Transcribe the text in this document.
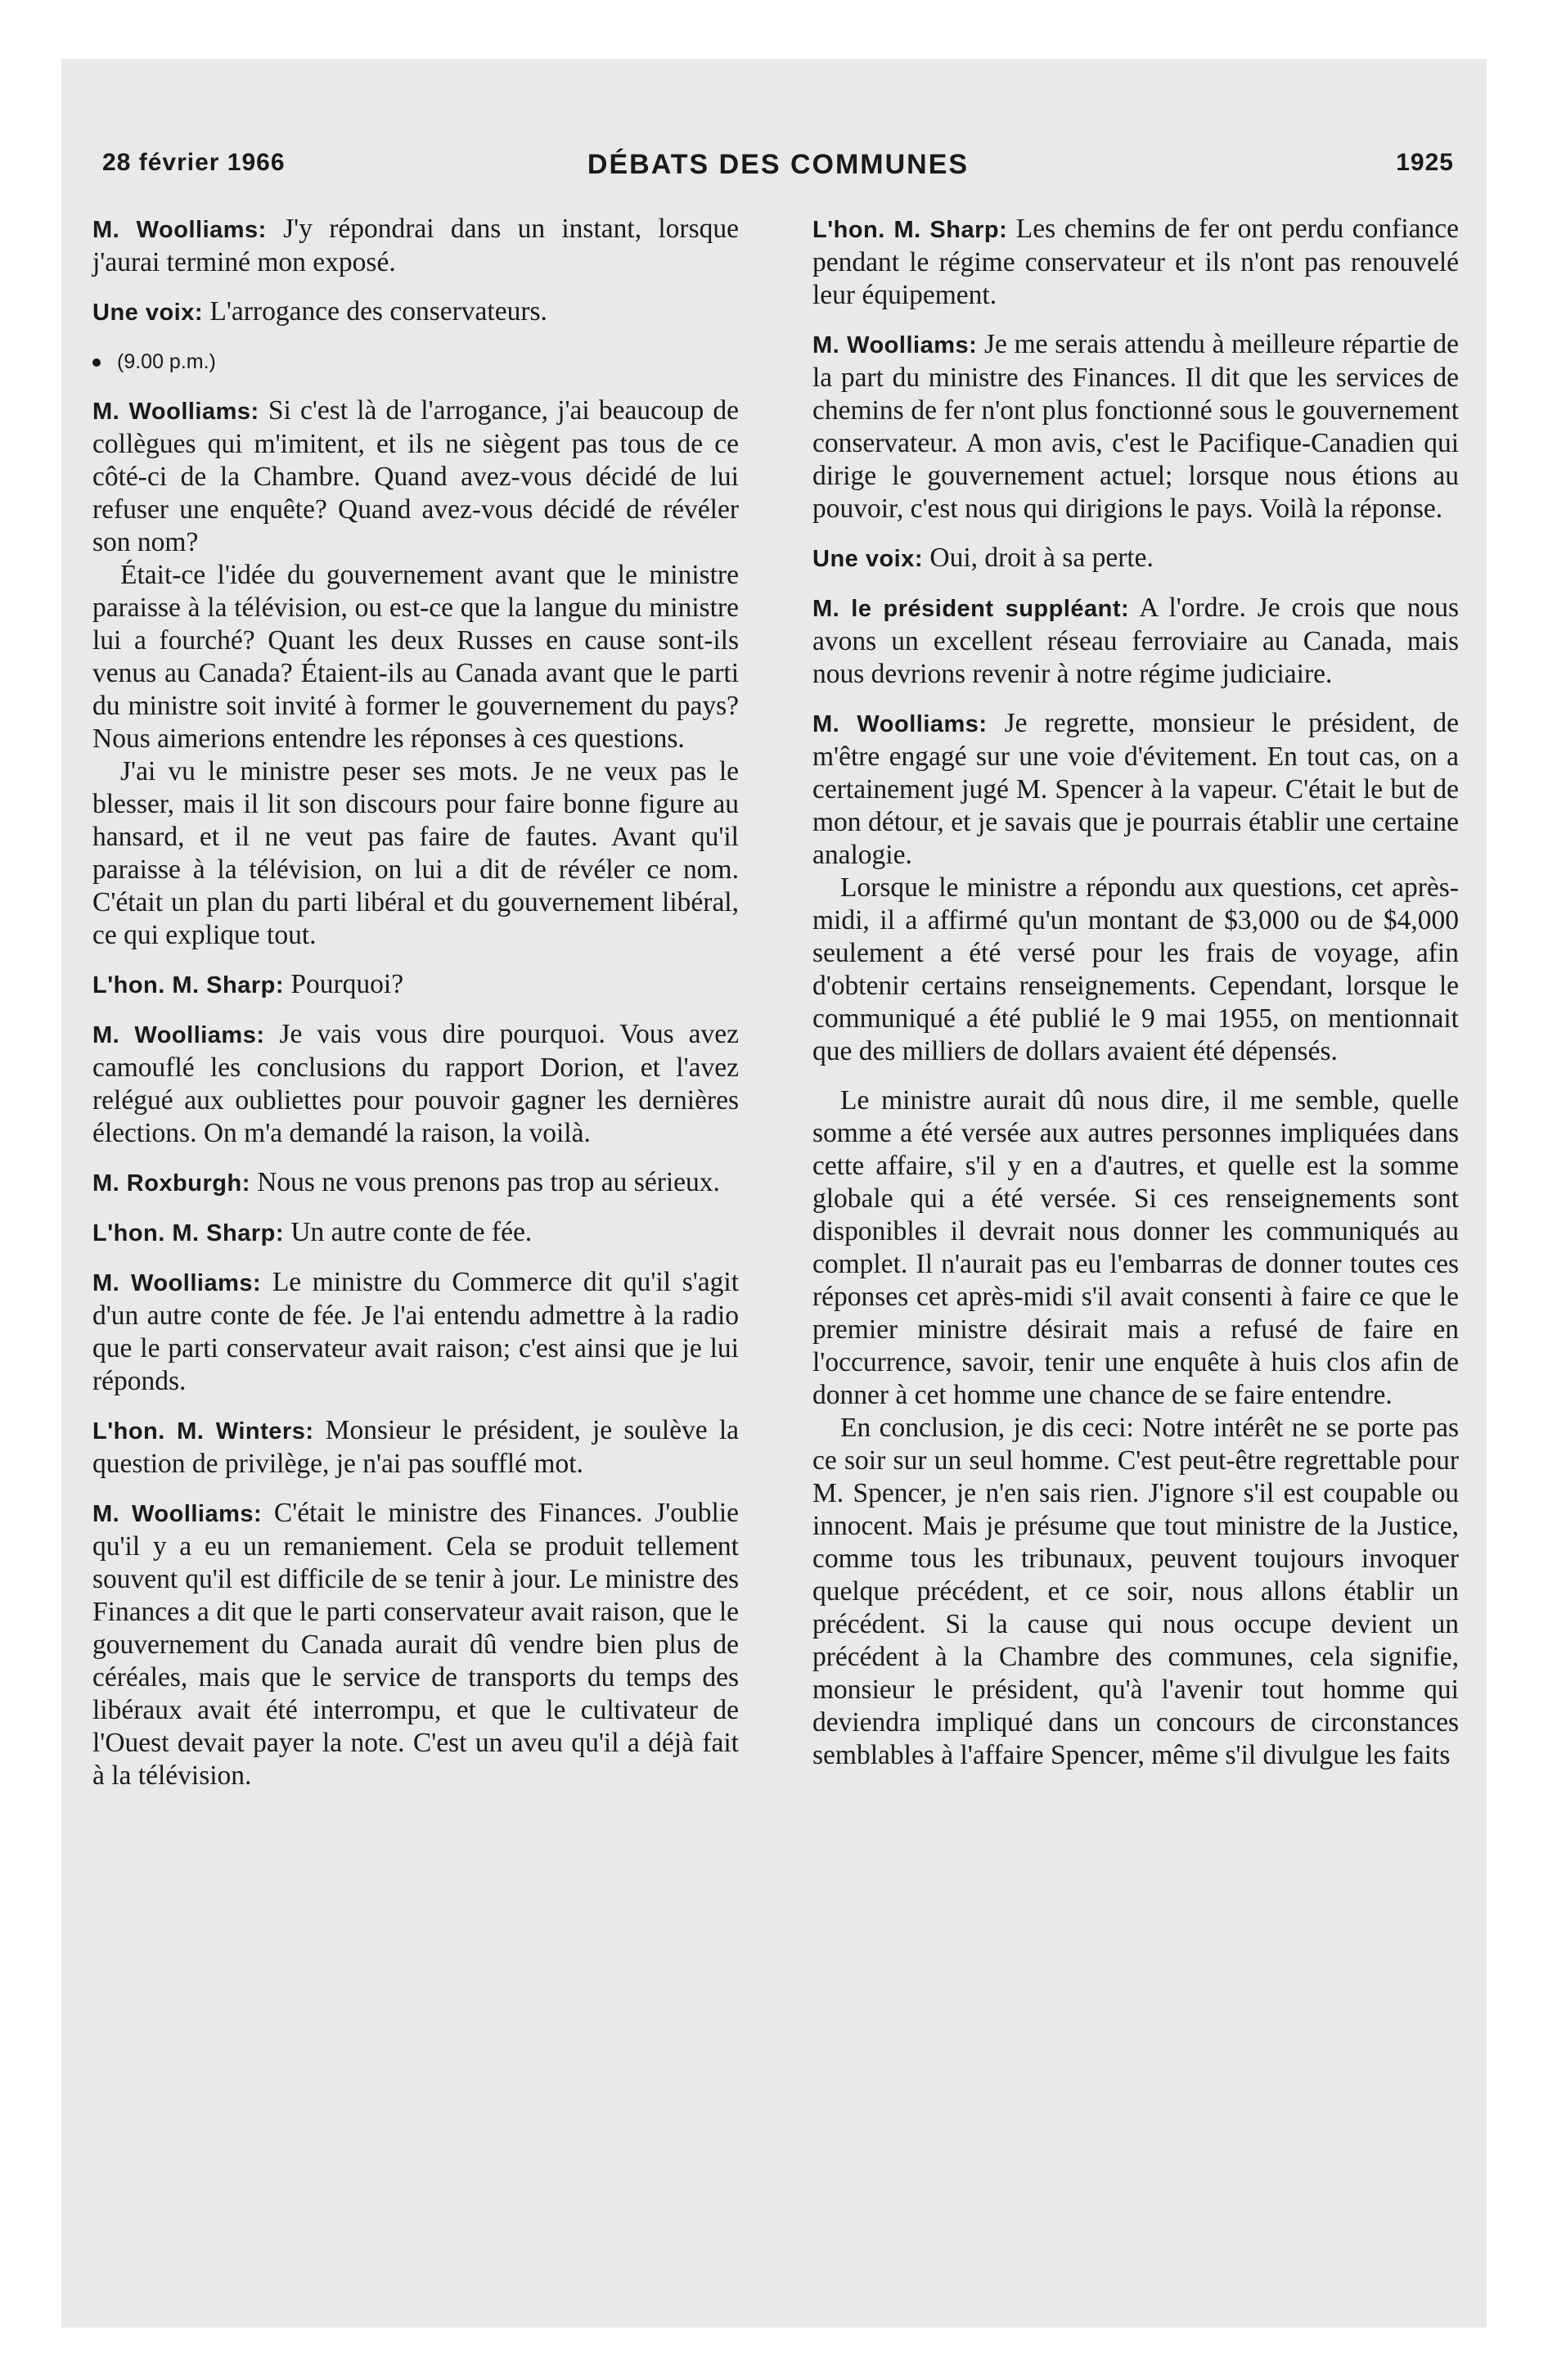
28 février 1966	DÉBATS DES COMMUNES	1925

M. Woolliams: J'y répondrai dans un instant, lorsque j'aurai terminé mon exposé.

Une voix: L'arrogance des conservateurs.

(9.00 p.m.)

M. Woolliams: Si c'est là de l'arrogance, j'ai beaucoup de collègues qui m'imitent, et ils ne siègent pas tous de ce côté-ci de la Chambre. Quand avez-vous décidé de lui refuser une enquête? Quand avez-vous décidé de révéler son nom?

Était-ce l'idée du gouvernement avant que le ministre paraisse à la télévision, ou est-ce que la langue du ministre lui a fourché? Quant les deux Russes en cause sont-ils venus au Canada? Étaient-ils au Canada avant que le parti du ministre soit invité à former le gouvernement du pays? Nous aimerions entendre les réponses à ces questions.

J'ai vu le ministre peser ses mots. Je ne veux pas le blesser, mais il lit son discours pour faire bonne figure au hansard, et il ne veut pas faire de fautes. Avant qu'il paraisse à la télévision, on lui a dit de révéler ce nom. C'était un plan du parti libéral et du gouvernement libéral, ce qui explique tout.

L'hon. M. Sharp: Pourquoi?

M. Woolliams: Je vais vous dire pourquoi. Vous avez camouflé les conclusions du rapport Dorion, et l'avez relégué aux oubliettes pour pouvoir gagner les dernières élections. On m'a demandé la raison, la voilà.

M. Roxburgh: Nous ne vous prenons pas trop au sérieux.

L'hon. M. Sharp: Un autre conte de fée.

M. Woolliams: Le ministre du Commerce dit qu'il s'agit d'un autre conte de fée. Je l'ai entendu admettre à la radio que le parti conservateur avait raison; c'est ainsi que je lui réponds.

L'hon. M. Winters: Monsieur le président, je soulève la question de privilège, je n'ai pas soufflé mot.

M. Woolliams: C'était le ministre des Finances. J'oublie qu'il y a eu un remaniement. Cela se produit tellement souvent qu'il est difficile de se tenir à jour. Le ministre des Finances a dit que le parti conservateur avait raison, que le gouvernement du Canada aurait dû vendre bien plus de céréales, mais que le service de transports du temps des libéraux avait été interrompu, et que le cultivateur de l'Ouest devait payer la note. C'est un aveu qu'il a déjà fait à la télévision.

L'hon. M. Sharp: Les chemins de fer ont perdu confiance pendant le régime conservateur et ils n'ont pas renouvelé leur équipement.

M. Woolliams: Je me serais attendu à meilleure répartie de la part du ministre des Finances. Il dit que les services de chemins de fer n'ont plus fonctionné sous le gouvernement conservateur. A mon avis, c'est le Pacifique-Canadien qui dirige le gouvernement actuel; lorsque nous étions au pouvoir, c'est nous qui dirigions le pays. Voilà la réponse.

Une voix: Oui, droit à sa perte.

M. le président suppléant: A l'ordre. Je crois que nous avons un excellent réseau ferroviaire au Canada, mais nous devrions revenir à notre régime judiciaire.

M. Woolliams: Je regrette, monsieur le président, de m'être engagé sur une voie d'évitement. En tout cas, on a certainement jugé M. Spencer à la vapeur. C'était le but de mon détour, et je savais que je pourrais établir une certaine analogie.

Lorsque le ministre a répondu aux questions, cet après-midi, il a affirmé qu'un montant de $3,000 ou de $4,000 seulement a été versé pour les frais de voyage, afin d'obtenir certains renseignements. Cependant, lorsque le communiqué a été publié le 9 mai 1955, on mentionnait que des milliers de dollars avaient été dépensés.

Le ministre aurait dû nous dire, il me semble, quelle somme a été versée aux autres personnes impliquées dans cette affaire, s'il y en a d'autres, et quelle est la somme globale qui a été versée. Si ces renseignements sont disponibles il devrait nous donner les communiqués au complet. Il n'aurait pas eu l'embarras de donner toutes ces réponses cet après-midi s'il avait consenti à faire ce que le premier ministre désirait mais a refusé de faire en l'occurrence, savoir, tenir une enquête à huis clos afin de donner à cet homme une chance de se faire entendre.

En conclusion, je dis ceci: Notre intérêt ne se porte pas ce soir sur un seul homme. C'est peut-être regrettable pour M. Spencer, je n'en sais rien. J'ignore s'il est coupable ou innocent. Mais je présume que tout ministre de la Justice, comme tous les tribunaux, peuvent toujours invoquer quelque précédent, et ce soir, nous allons établir un précédent. Si la cause qui nous occupe devient un précédent à la Chambre des communes, cela signifie, monsieur le président, qu'à l'avenir tout homme qui deviendra impliqué dans un concours de circonstances semblables à l'affaire Spencer, même s'il divulgue les faits
